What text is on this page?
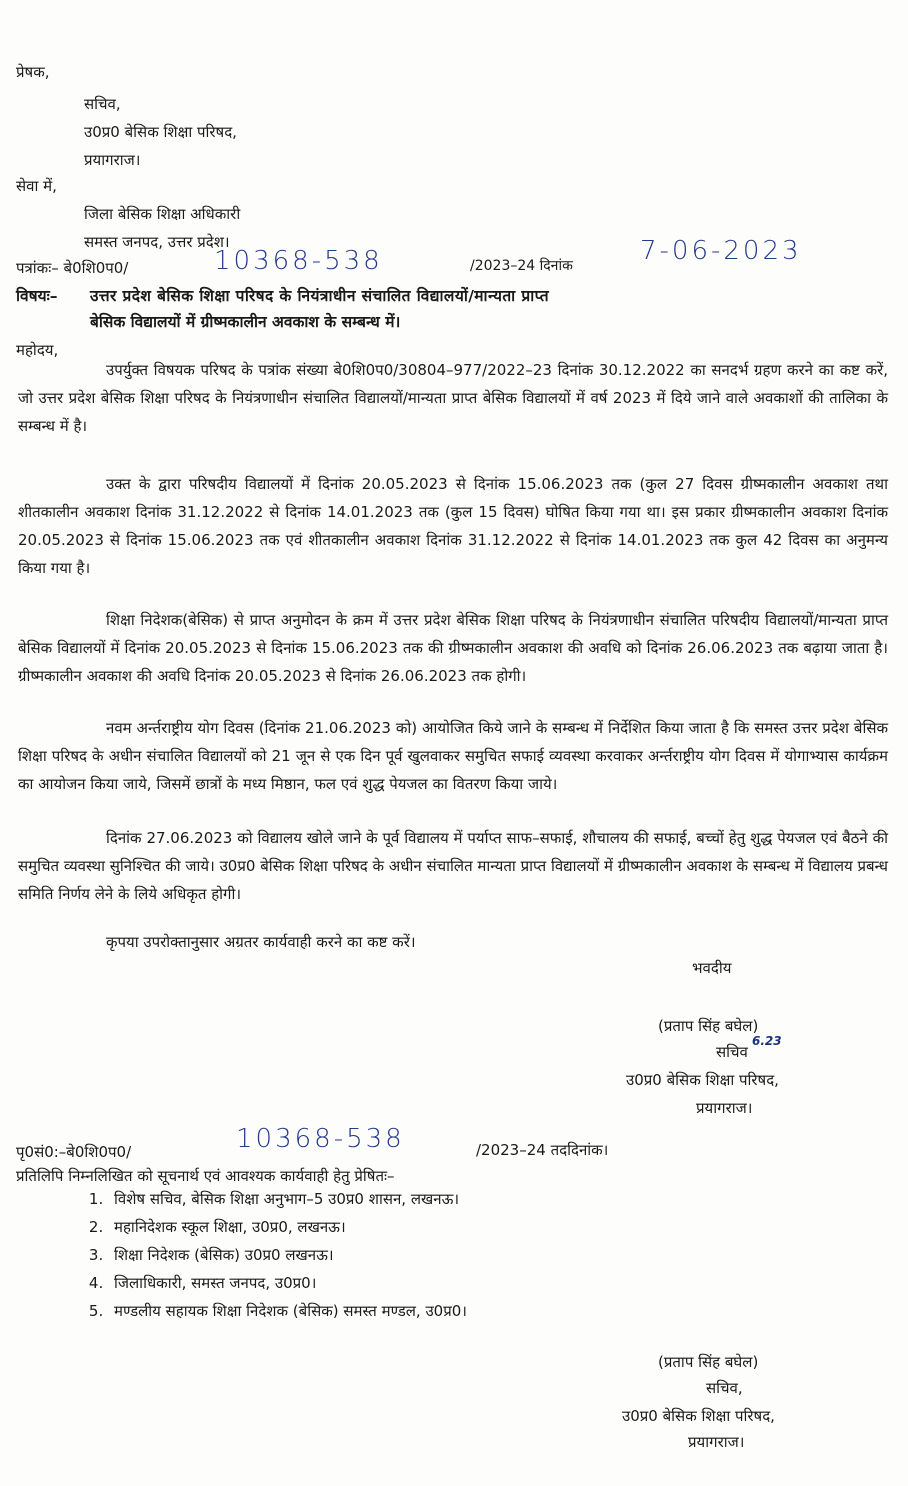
प्रेषक,
सचिव,
उ0प्र0 बेसिक शिक्षा परिषद,
प्रयागराज।
सेवा में,
जिला बेसिक शिक्षा अधिकारी
समस्त जनपद, उत्तर प्रदेश।
पत्रांकः– बे0शि0प0/	10368-538	/2023–24 दिनांक	7-06-2023
विषयः– उत्तर प्रदेश बेसिक शिक्षा परिषद के नियंत्राधीन संचालित विद्यालयों/मान्यता प्राप्त
बेसिक विद्यालयों में ग्रीष्मकालीन अवकाश के सम्बन्ध में।
महोदय,
उपर्युक्त विषयक परिषद के पत्रांक संख्या बे0शि0प0/30804–977/2022–23 दिनांक 30.12.2022 का सनदर्भ ग्रहण करने का कष्ट करें, जो उत्तर प्रदेश बेसिक शिक्षा परिषद के नियंत्रणाधीन संचालित विद्यालयों/मान्यता प्राप्त बेसिक विद्यालयों में वर्ष 2023 में दिये जाने वाले अवकाशों की तालिका के सम्बन्ध में है।
उक्त के द्वारा परिषदीय विद्यालयों में दिनांक 20.05.2023 से दिनांक 15.06.2023 तक (कुल 27 दिवस ग्रीष्मकालीन अवकाश तथा शीतकालीन अवकाश दिनांक 31.12.2022 से दिनांक 14.01.2023 तक (कुल 15 दिवस) घोषित किया गया था। इस प्रकार ग्रीष्मकालीन अवकाश दिनांक 20.05.2023 से दिनांक 15.06.2023 तक एवं शीतकालीन अवकाश दिनांक 31.12.2022 से दिनांक 14.01.2023 तक कुल 42 दिवस का अनुमन्य किया गया है।
शिक्षा निदेशक(बेसिक) से प्राप्त अनुमोदन के क्रम में उत्तर प्रदेश बेसिक शिक्षा परिषद के नियंत्रणाधीन संचालित परिषदीय विद्यालयों/मान्यता प्राप्त बेसिक विद्यालयों में दिनांक 20.05.2023 से दिनांक 15.06.2023 तक की ग्रीष्मकालीन अवकाश की अवधि को दिनांक 26.06.2023 तक बढ़ाया जाता है। ग्रीष्मकालीन अवकाश की अवधि दिनांक 20.05.2023 से दिनांक 26.06.2023 तक होगी।
नवम अर्न्तराष्ट्रीय योग दिवस (दिनांक 21.06.2023 को) आयोजित किये जाने के सम्बन्ध में निर्देशित किया जाता है कि समस्त उत्तर प्रदेश बेसिक शिक्षा परिषद के अधीन संचालित विद्यालयों को 21 जून से एक दिन पूर्व खुलवाकर समुचित सफाई व्यवस्था करवाकर अर्न्तराष्ट्रीय योग दिवस में योगाभ्यास कार्यक्रम का आयोजन किया जाये, जिसमें छात्रों के मध्य मिष्ठान, फल एवं शुद्ध पेयजल का वितरण किया जाये।
दिनांक 27.06.2023 को विद्यालय खोले जाने के पूर्व विद्यालय में पर्याप्त साफ–सफाई, शौचालय की सफाई, बच्चों हेतु शुद्ध पेयजल एवं बैठने की समुचित व्यवस्था सुनिश्चित की जाये। उ0प्र0 बेसिक शिक्षा परिषद के अधीन संचालित मान्यता प्राप्त विद्यालयों में ग्रीष्मकालीन अवकाश के सम्बन्ध में विद्यालय प्रबन्ध समिति निर्णय लेने के लिये अधिकृत होगी।
कृपया उपरोक्तानुसार अग्रतर कार्यवाही करने का कष्ट करें।
भवदीय
(प्रताप सिंह बघेल)
सचिव
6.23
उ0प्र0 बेसिक शिक्षा परिषद,
प्रयागराज।
पृ0सं0:–बे0शि0प0/	10368-538	/2023–24 तददिनांक।
प्रतिलिपि निम्नलिखित को सूचनार्थ एवं आवश्यक कार्यवाही हेतु प्रेषितः–
1. विशेष सचिव, बेसिक शिक्षा अनुभाग–5 उ0प्र0 शासन, लखनऊ।
2. महानिदेशक स्कूल शिक्षा, उ0प्र0, लखनऊ।
3. शिक्षा निदेशक (बेसिक) उ0प्र0 लखनऊ।
4. जिलाधिकारी, समस्त जनपद, उ0प्र0।
5. मण्डलीय सहायक शिक्षा निदेशक (बेसिक) समस्त मण्डल, उ0प्र0।
(प्रताप सिंह बघेल)
सचिव,
उ0प्र0 बेसिक शिक्षा परिषद,
प्रयागराज।
